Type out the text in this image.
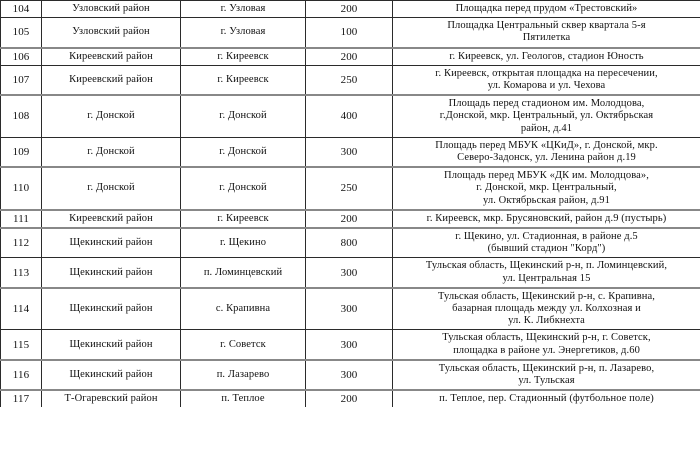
104	Узловский район	г. Узловая	200	Площадка перед прудом «Трестовский»

105	Узловский район	г. Узловая	100	Площадка Центральный сквер квартала 5-я
Пятилетка

106	Киреевский район	г. Киреевск	200	г. Киреевск, ул. Геологов, стадион Юность

107	Киреевский район	г. Киреевск	250	г. Киреевск, открытая площадка на пересечении,
ул. Комарова и ул. Чехова

108	г. Донской	г. Донской	400	Площадь перед стадионом им. Молодцова,
г.Донской, мкр. Центральный, ул. Октябрьская
район, д.41

109	г. Донской	г. Донской	300	Площадь перед МБУК «ЦКиД», г. Донской, мкр.
Северо-Задонск, ул. Ленина район д.19

110	г. Донской	г. Донской	250	Площадь перед МБУК «ДК им. Молодцова»,
г. Донской, мкр. Центральный,
ул. Октябрьская район, д.91

111	Киреевский район	г. Киреевск	200	г. Киреевск, мкр. Брусяновский, район д.9 (пустырь)

112	Щекинский район	г. Щекино	800	г. Щекино, ул. Стадионная, в районе д.5
(бывший стадион "Корд")

113	Щекинский район	п. Ломинцевский	300	Тульская область, Щекинский р-н, п. Ломинцевский,
ул. Центральная 15

114	Щекинский район	с. Крапивна	300	Тульская область, Щекинский р-н, с. Крапивна,
базарная площадь между ул. Колхозная и
ул. К. Либкнехта

115	Щекинский район	г. Советск	300	Тульская область, Щекинский р-н, г. Советск,
площадка в районе ул. Энергетиков, д.60

116	Щекинский район	п. Лазарево	300	Тульская область, Щекинский р-н, п. Лазарево,
ул. Тульская

117	Т-Огаревский район	п. Теплое	200	п. Теплое, пер. Стадионный (футбольное поле)
